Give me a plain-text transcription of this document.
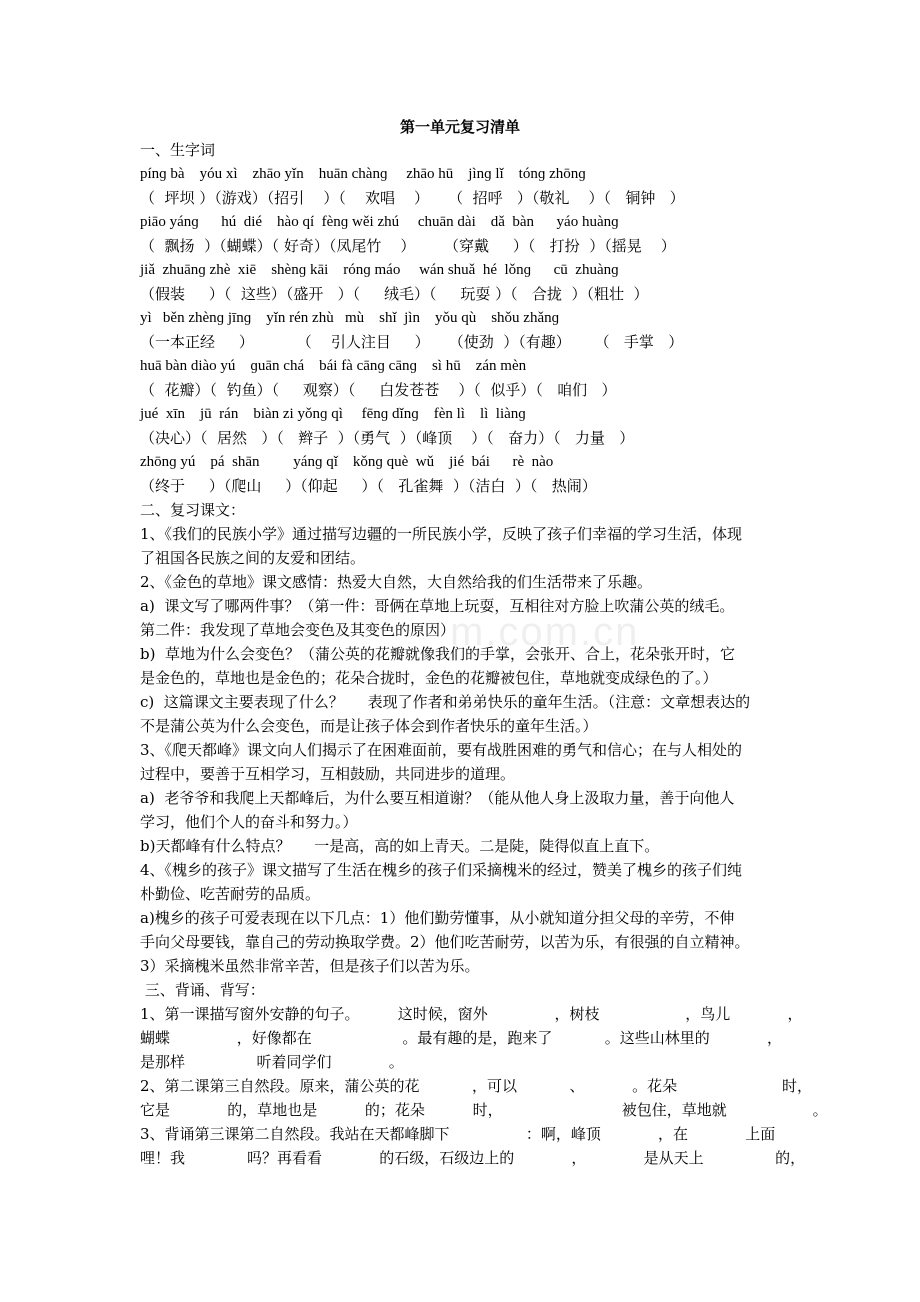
第一单元复习清单
一、生字词
pínɡ bà    yóu xì    zhāo yǐn    huān chànɡ     zhāo hū    jìnɡ lǐ    tónɡ zhōnɡ
（  坪坝 ）（游戏）（招引    ）（    欢唱    ）    （  招呼   ）（敬礼    ）（   铜钟   ）
piāo yánɡ      hú  dié    hào qí  fènɡ wěi zhú     chuān dài    dǎ  bàn      yáo huànɡ
（  飘扬  ）（蝴蝶）（ 好奇）（凤尾竹    ）      （穿戴     ）（   打扮  ）（摇晃    ）
jiǎ  zhuānɡ zhè  xiē    shènɡ kāi    rónɡ máo     wán shuǎ  hé  lǒnɡ      cū  zhuànɡ
（假装     ）（  这些）（盛开   ）（     绒毛）（     玩耍 ）（   合拢  ）（粗壮  ）
yì   běn zhènɡ jīnɡ    yǐn rén zhù   mù    shǐ  jìn    yǒu qù    shǒu zhǎnɡ
（一本正经     ）         （    引人注目     ）    （使劲  ）（有趣）     （   手掌   ）
huā bàn diào yú    ɡuān chá    bái fà cānɡ cānɡ    sì hū    zán mèn
（  花瓣）（  钓鱼）（     观察）（     白发苍苍    ）（  似乎）（   咱们   ）
jué  xīn    jū  rán    biàn zi yǒnɡ qì     fēnɡ dǐnɡ    fèn lì    lì  liànɡ
（决心）（  居然   ）（   辫子  ）（勇气  ）（峰顶    ）（   奋力）（   力量   ）
zhōnɡ yú    pá  shān         yánɡ qǐ    kǒnɡ què  wǔ    jié  bái      rè  nào
（终于     ）（爬山     ）（仰起     ）（   孔雀舞  ）（洁白  ）（   热闹）
二、复习课文：
1、《我们的民族小学》通过描写边疆的一所民族小学，反映了孩子们幸福的学习生活，体现
了祖国各民族之间的友爱和团结。
2、《金色的草地》课文感情：热爱大自然，大自然给我的们生活带来了乐趣。
a)  课文写了哪两件事？（第一件：哥俩在草地上玩耍，互相往对方脸上吹蒲公英的绒毛。
第二件：我发现了草地会变色及其变色的原因）
b)  草地为什么会变色？（蒲公英的花瓣就像我们的手掌，会张开、合上，花朵张开时，它
是金色的，草地也是金色的；花朵合拢时，金色的花瓣被包住，草地就变成绿色的了。）
c)  这篇课文主要表现了什么？     表现了作者和弟弟快乐的童年生活。（注意：文章想表达的
不是蒲公英为什么会变色，而是让孩子体会到作者快乐的童年生活。）
3、《爬天都峰》课文向人们揭示了在困难面前，要有战胜困难的勇气和信心；在与人相处的
过程中，要善于互相学习，互相鼓励，共同进步的道理。
a)  老爷爷和我爬上天都峰后，为什么要互相道谢？（能从他人身上汲取力量，善于向他人
学习，他们个人的奋斗和努力。）
b)天都峰有什么特点？     一是高，高的如上青天。二是陡，陡得似直上直下。
4、《槐乡的孩子》课文描写了生活在槐乡的孩子们采摘槐米的经过，赞美了槐乡的孩子们纯
朴勤俭、吃苦耐劳的品质。
a)槐乡的孩子可爱表现在以下几点：1）他们勤劳懂事，从小就知道分担父母的辛劳，不伸
手向父母要钱，靠自己的劳动换取学费。2）他们吃苦耐劳，以苦为乐，有很强的自立精神。
3）采摘槐米虽然非常辛苦，但是孩子们以苦为乐。
三、背诵、背写：
1、第一课描写窗外安静的句子。        这时候，窗外              ，树枝                  ，鸟儿            ，
蝴蝶              ，好像都在                   。最有趣的是，跑来了           。这些山林里的            ，
是那样               听着同学们            。
2、第二课第三自然段。原来，蒲公英的花           ，可以           、          。花朵                      时，
它是            的，草地也是          的；花朵          时，                         被包住，草地就                  。
3、背诵第三课第二自然段。我站在天都峰脚下                ：啊，峰顶            ，在            上面
哩！我             吗？再看看            的石级，石级边上的            ，            是从天上               的，
m.com.cn
